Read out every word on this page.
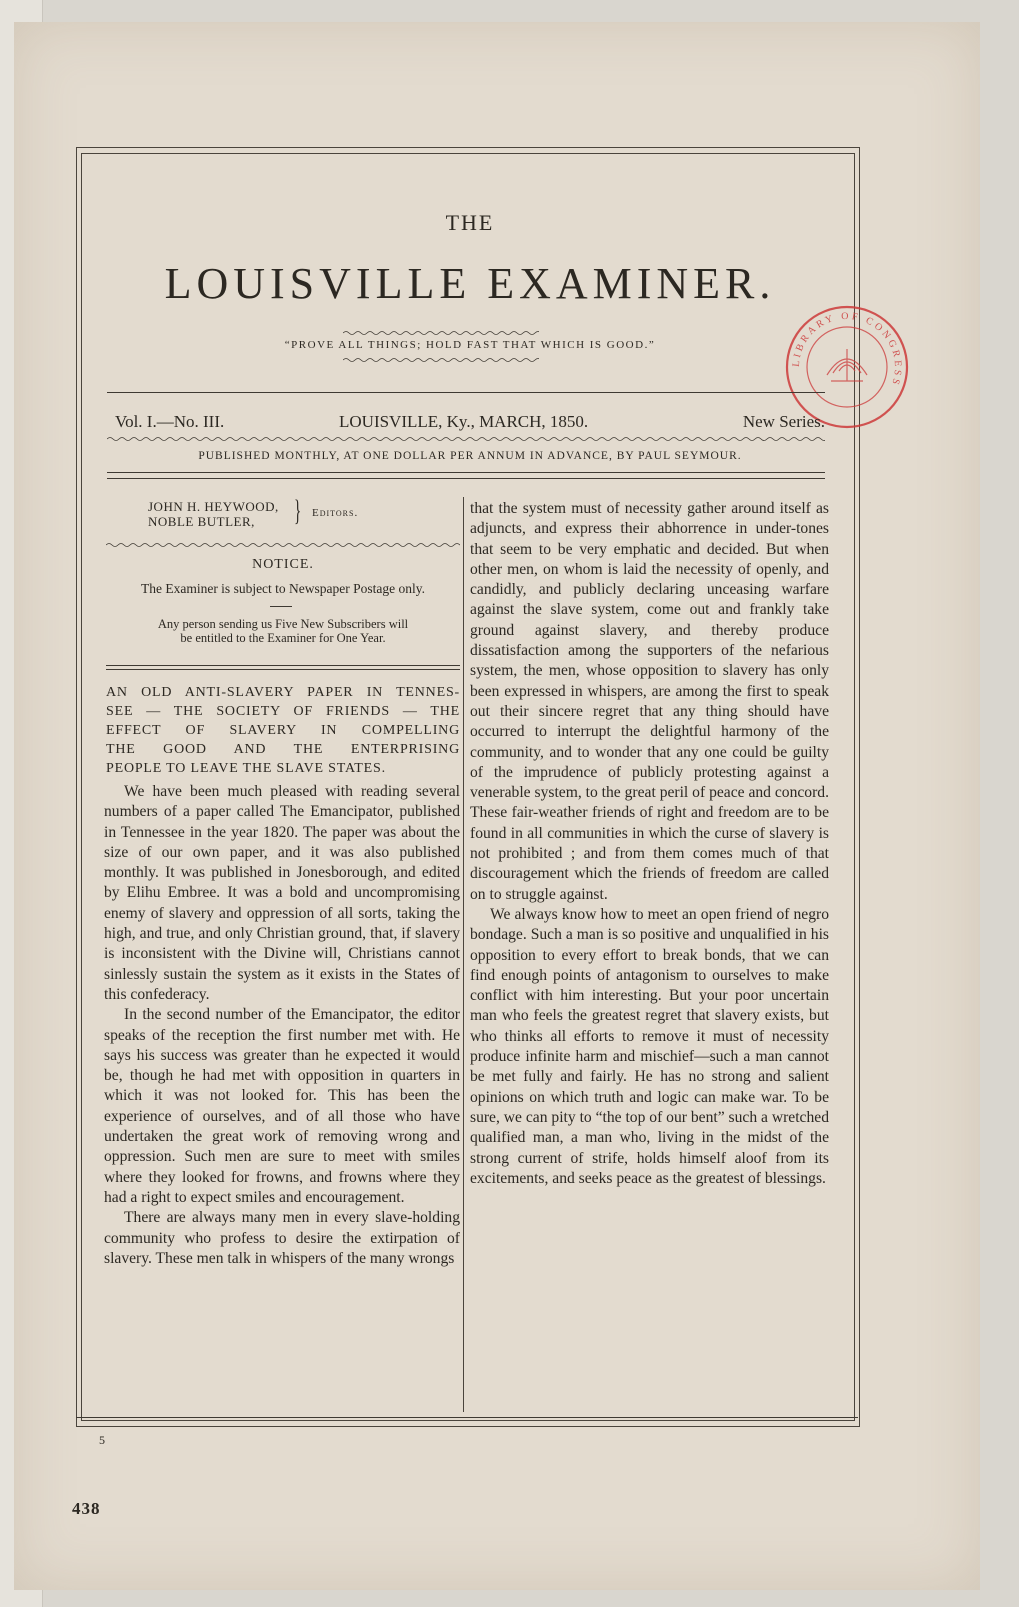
THE
LOUISVILLE EXAMINER.
“PROVE ALL THINGS; HOLD FAST THAT WHICH IS GOOD.”
LIBRARY OF CONGRESS
Vol. I.—No. III.	LOUISVILLE, Ky., MARCH, 1850.	New Series.
PUBLISHED MONTHLY, AT ONE DOLLAR PER ANNUM IN ADVANCE, BY PAUL SEYMOUR.
JOHN H. HEYWOOD,
NOBLE BUTLER,	} Editors.
NOTICE.
The Examiner is subject to Newspaper Postage only.
Any person sending us Five New Subscribers will
be entitled to the Examiner for One Year.
AN OLD ANTI-SLAVERY PAPER IN TENNES-
SEE — THE SOCIETY OF FRIENDS — THE
EFFECT OF SLAVERY IN COMPELLING
THE GOOD AND THE ENTERPRISING
PEOPLE TO LEAVE THE SLAVE STATES.

We have been much pleased with reading several numbers of a paper called The Emancipator, published in Tennessee in the year 1820. The paper was about the size of our own paper, and it was also published monthly. It was published in Jonesborough, and edited by Elihu Embree. It was a bold and uncompromising enemy of slavery and oppression of all sorts, taking the high, and true, and only Christian ground, that, if slavery is inconsistent with the Divine will, Christians cannot sinlessly sustain the system as it exists in the States of this confederacy.

In the second number of the Emancipator, the editor speaks of the reception the first number met with. He says his success was greater than he expected it would be, though he had met with opposition in quarters in which it was not looked for. This has been the experience of ourselves, and of all those who have undertaken the great work of removing wrong and oppression. Such men are sure to meet with smiles where they looked for frowns, and frowns where they had a right to expect smiles and encouragement.

There are always many men in every slave-holding community who profess to desire the extirpation of slavery. These men talk in whispers of the many wrongs

that the system must of necessity gather around itself as adjuncts, and express their abhorrence in under-tones that seem to be very emphatic and decided. But when other men, on whom is laid the necessity of openly, and candidly, and publicly declaring unceasing warfare against the slave system, come out and frankly take ground against slavery, and thereby produce dissatisfaction among the supporters of the nefarious system, the men, whose opposition to slavery has only been expressed in whispers, are among the first to speak out their sincere regret that any thing should have occurred to interrupt the delightful harmony of the community, and to wonder that any one could be guilty of the imprudence of publicly protesting against a venerable system, to the great peril of peace and concord. These fair-weather friends of right and freedom are to be found in all communities in which the curse of slavery is not prohibited ; and from them comes much of that discouragement which the friends of freedom are called on to struggle against.

We always know how to meet an open friend of negro bondage. Such a man is so positive and unqualified in his opposition to every effort to break bonds, that we can find enough points of antagonism to ourselves to make conflict with him interesting. But your poor uncertain man who feels the greatest regret that slavery exists, but who thinks all efforts to remove it must of necessity produce infinite harm and mischief—such a man cannot be met fully and fairly. He has no strong and salient opinions on which truth and logic can make war. To be sure, we can pity to “the top of our bent” such a wretched qualified man, a man who, living in the midst of the strong current of strife, holds himself aloof from its excitements, and seeks peace as the greatest of blessings.

5
438
